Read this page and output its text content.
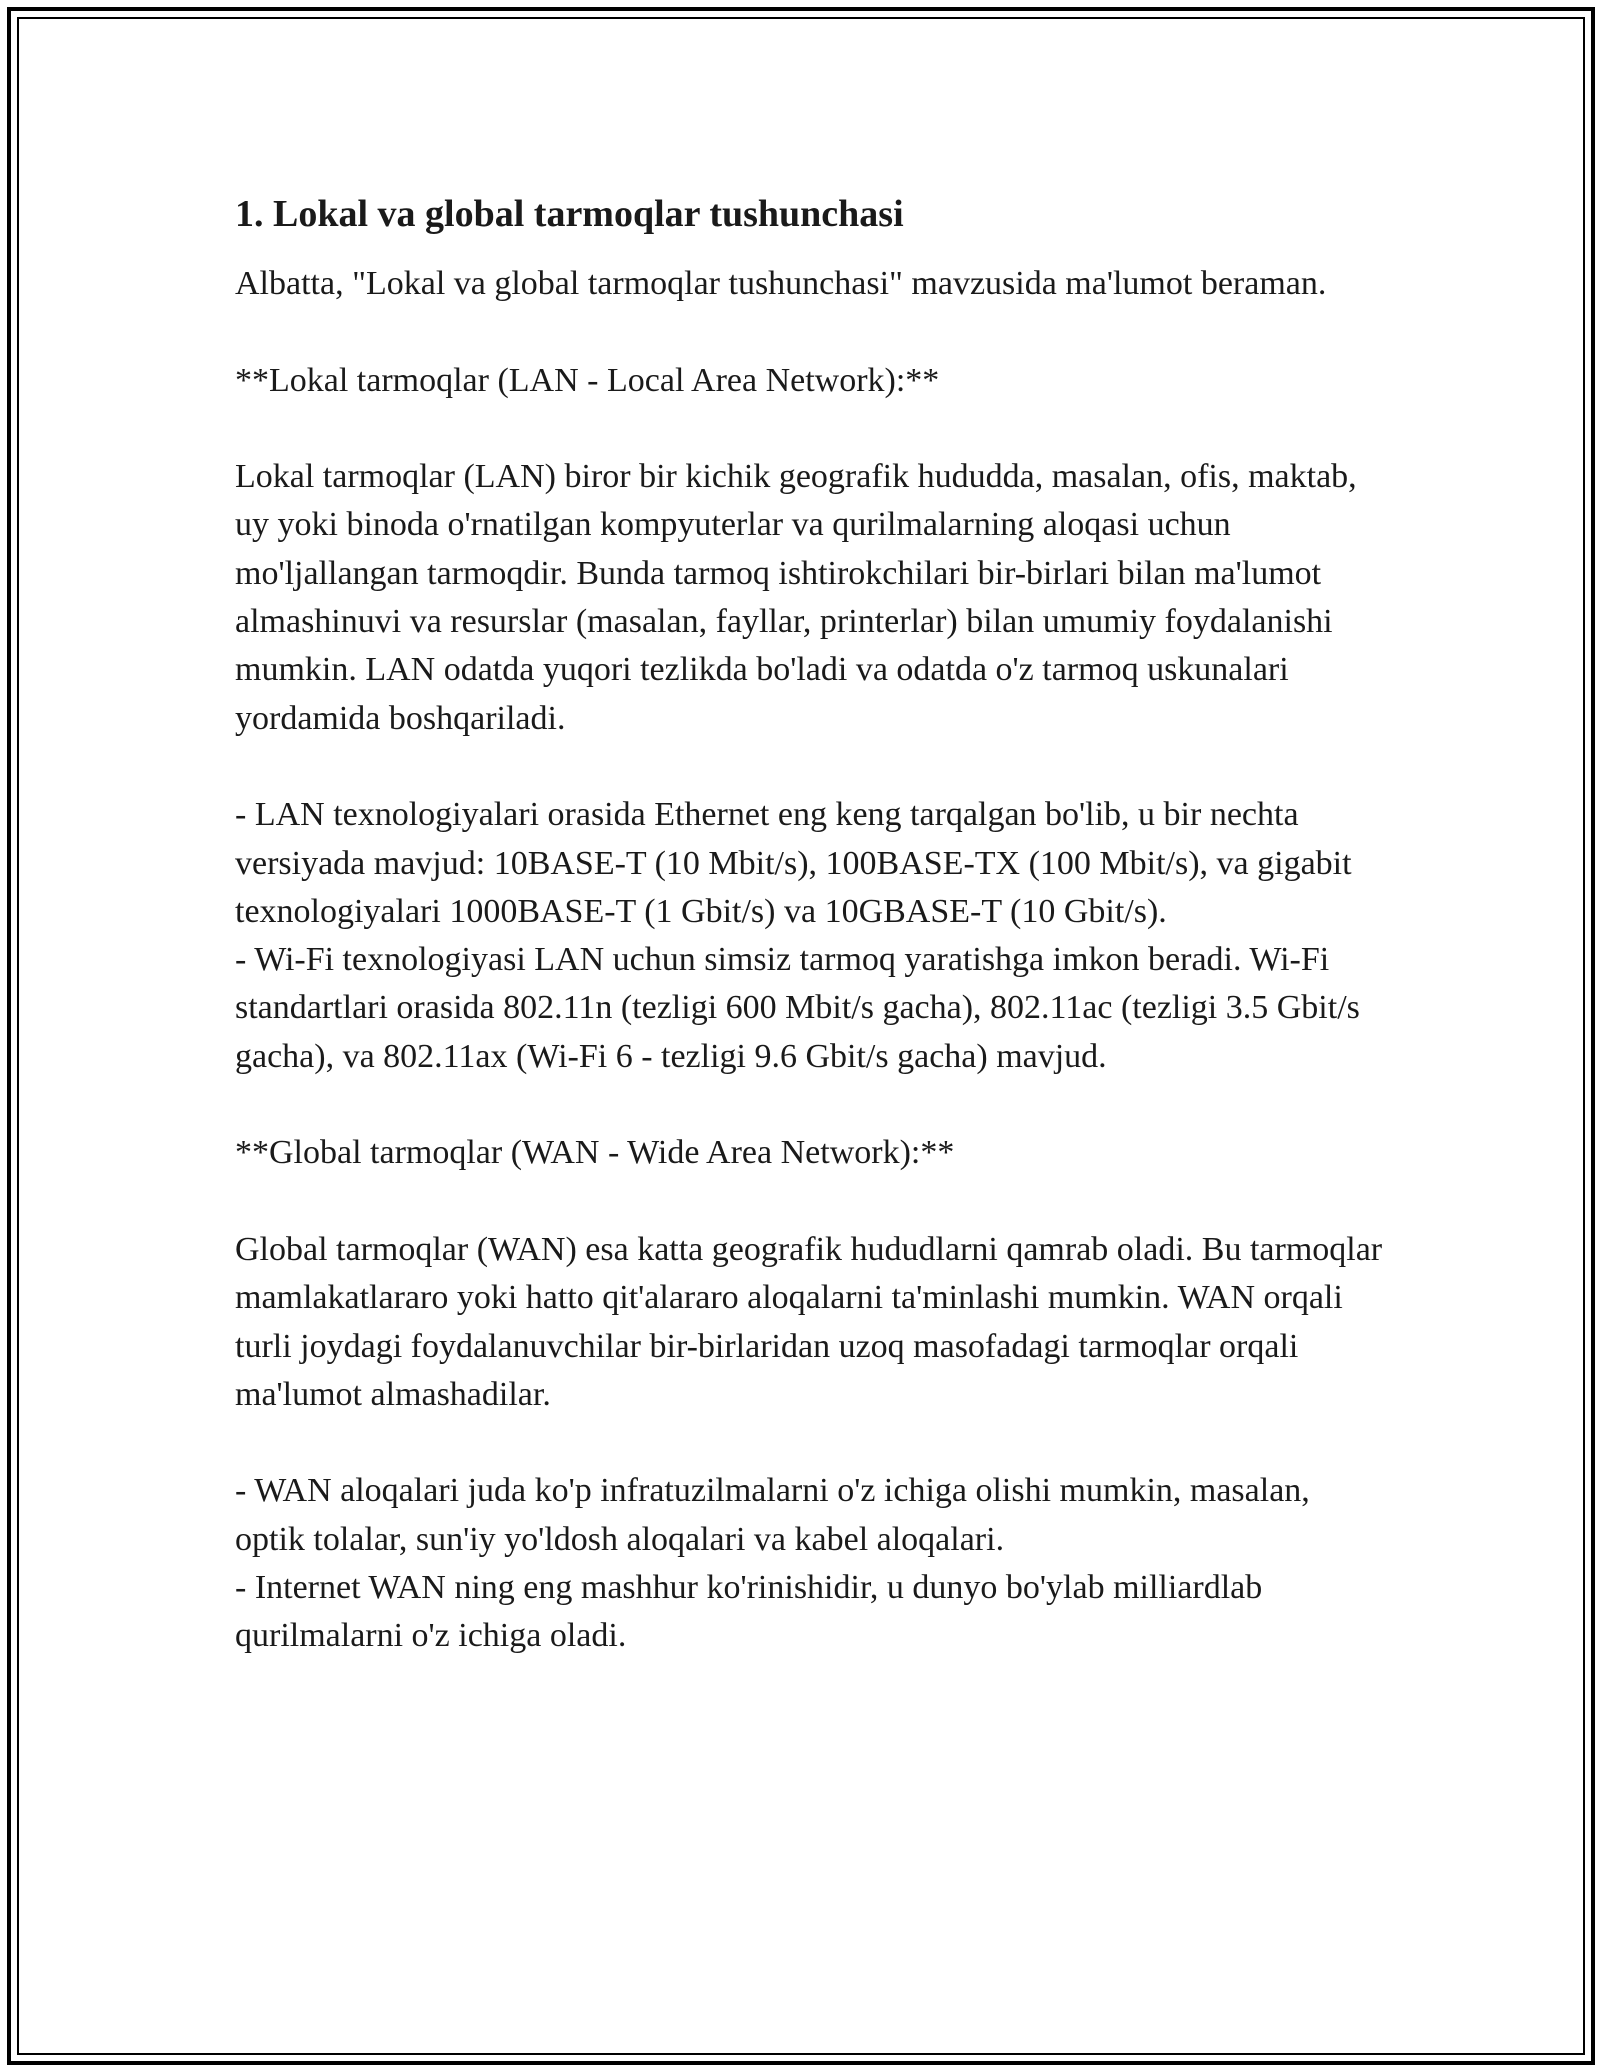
1. Lokal va global tarmoqlar tushunchasi

Albatta, "Lokal va global tarmoqlar tushunchasi" mavzusida ma'lumot beraman.

**Lokal tarmoqlar (LAN - Local Area Network):**

Lokal tarmoqlar (LAN) biror bir kichik geografik hududda, masalan, ofis, maktab, uy yoki binoda o'rnatilgan kompyuterlar va qurilmalarning aloqasi uchun mo'ljallangan tarmoqdir. Bunda tarmoq ishtirokchilari bir-birlari bilan ma'lumot almashinuvi va resurslar (masalan, fayllar, printerlar) bilan umumiy foydalanishi mumkin. LAN odatda yuqori tezlikda bo'ladi va odatda o'z tarmoq uskunalari yordamida boshqariladi.

- LAN texnologiyalari orasida Ethernet eng keng tarqalgan bo'lib, u bir nechta versiyada mavjud: 10BASE-T (10 Mbit/s), 100BASE-TX (100 Mbit/s), va gigabit texnologiyalari 1000BASE-T (1 Gbit/s) va 10GBASE-T (10 Gbit/s).

- Wi-Fi texnologiyasi LAN uchun simsiz tarmoq yaratishga imkon beradi. Wi-Fi standartlari orasida 802.11n (tezligi 600 Mbit/s gacha), 802.11ac (tezligi 3.5 Gbit/s gacha), va 802.11ax (Wi-Fi 6 - tezligi 9.6 Gbit/s gacha) mavjud.

**Global tarmoqlar (WAN - Wide Area Network):**

Global tarmoqlar (WAN) esa katta geografik hududlarni qamrab oladi. Bu tarmoqlar mamlakatlararo yoki hatto qit'alararo aloqalarni ta'minlashi mumkin. WAN orqali turli joydagi foydalanuvchilar bir-birlaridan uzoq masofadagi tarmoqlar orqali ma'lumot almashadilar.

- WAN aloqalari juda ko'p infratuzilmalarni o'z ichiga olishi mumkin, masalan, optik tolalar, sun'iy yo'ldosh aloqalari va kabel aloqalari.

- Internet WAN ning eng mashhur ko'rinishidir, u dunyo bo'ylab milliardlab qurilmalarni o'z ichiga oladi.
